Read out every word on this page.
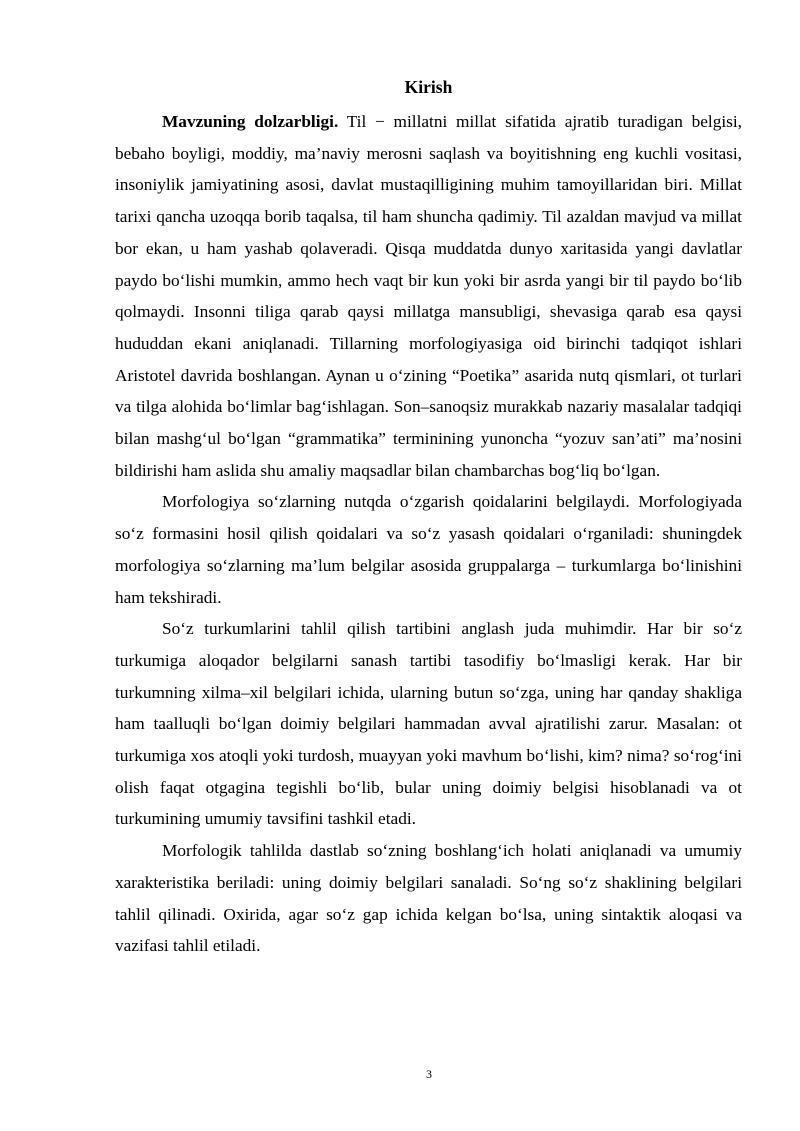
Kirish

Mavzuning dolzarbligi. Til − millatni millat sifatida ajratib turadigan belgisi, bebaho boyligi, moddiy, ma’naviy merosni saqlash va boyitishning eng kuchli vositasi, insoniylik jamiyatining asosi, davlat mustaqilligining muhim tamoyillaridan biri. Millat tarixi qancha uzoqqa borib taqalsa, til ham shuncha qadimiy. Til azaldan mavjud va millat bor ekan, u ham yashab qolaveradi. Qisqa muddatda dunyo xaritasida yangi davlatlar paydo bo‘lishi mumkin, ammo hech vaqt bir kun yoki bir asrda yangi bir til paydo bo‘lib qolmaydi. Insonni tiliga qarab qaysi millatga mansubligi, shevasiga qarab esa qaysi hududdan ekani aniqlanadi. Tillarning morfologiyasiga oid birinchi tadqiqot ishlari Aristotel davrida boshlangan. Aynan u o‘zining “Poetika” asarida nutq qismlari, ot turlari va tilga alohida bo‘limlar bag‘ishlagan. Son–sanoqsiz murakkab nazariy masalalar tadqiqi bilan mashg‘ul bo‘lgan “grammatika” terminining yunoncha “yozuv san’ati” ma’nosini bildirishi ham aslida shu amaliy maqsadlar bilan chambarchas bog‘liq bo‘lgan.

Morfologiya so‘zlarning nutqda o‘zgarish qoidalarini belgilaydi. Morfologiyada so‘z formasini hosil qilish qoidalari va so‘z yasash qoidalari o‘rganiladi: shuningdek morfologiya so‘zlarning ma’lum belgilar asosida gruppalarga – turkumlarga bo‘linishini ham tekshiradi.

So‘z turkumlarini tahlil qilish tartibini anglash juda muhimdir. Har bir so‘z turkumiga aloqador belgilarni sanash tartibi tasodifiy bo‘lmasligi kerak. Har bir turkumning xilma–xil belgilari ichida, ularning butun so‘zga, uning har qanday shakliga ham taalluqli bo‘lgan doimiy belgilari hammadan avval ajratilishi zarur. Masalan: ot turkumiga xos atoqli yoki turdosh, muayyan yoki mavhum bo‘lishi, kim? nima? so‘rog‘ini olish faqat otgagina tegishli bo‘lib, bular uning doimiy belgisi hisoblanadi va ot turkumining umumiy tavsifini tashkil etadi.

Morfologik tahlilda dastlab so‘zning boshlang‘ich holati aniqlanadi va umumiy xarakteristika beriladi: uning doimiy belgilari sanaladi. So‘ng so‘z shaklining belgilari tahlil qilinadi. Oxirida, agar so‘z gap ichida kelgan bo‘lsa, uning sintaktik aloqasi va vazifasi tahlil etiladi.

3
